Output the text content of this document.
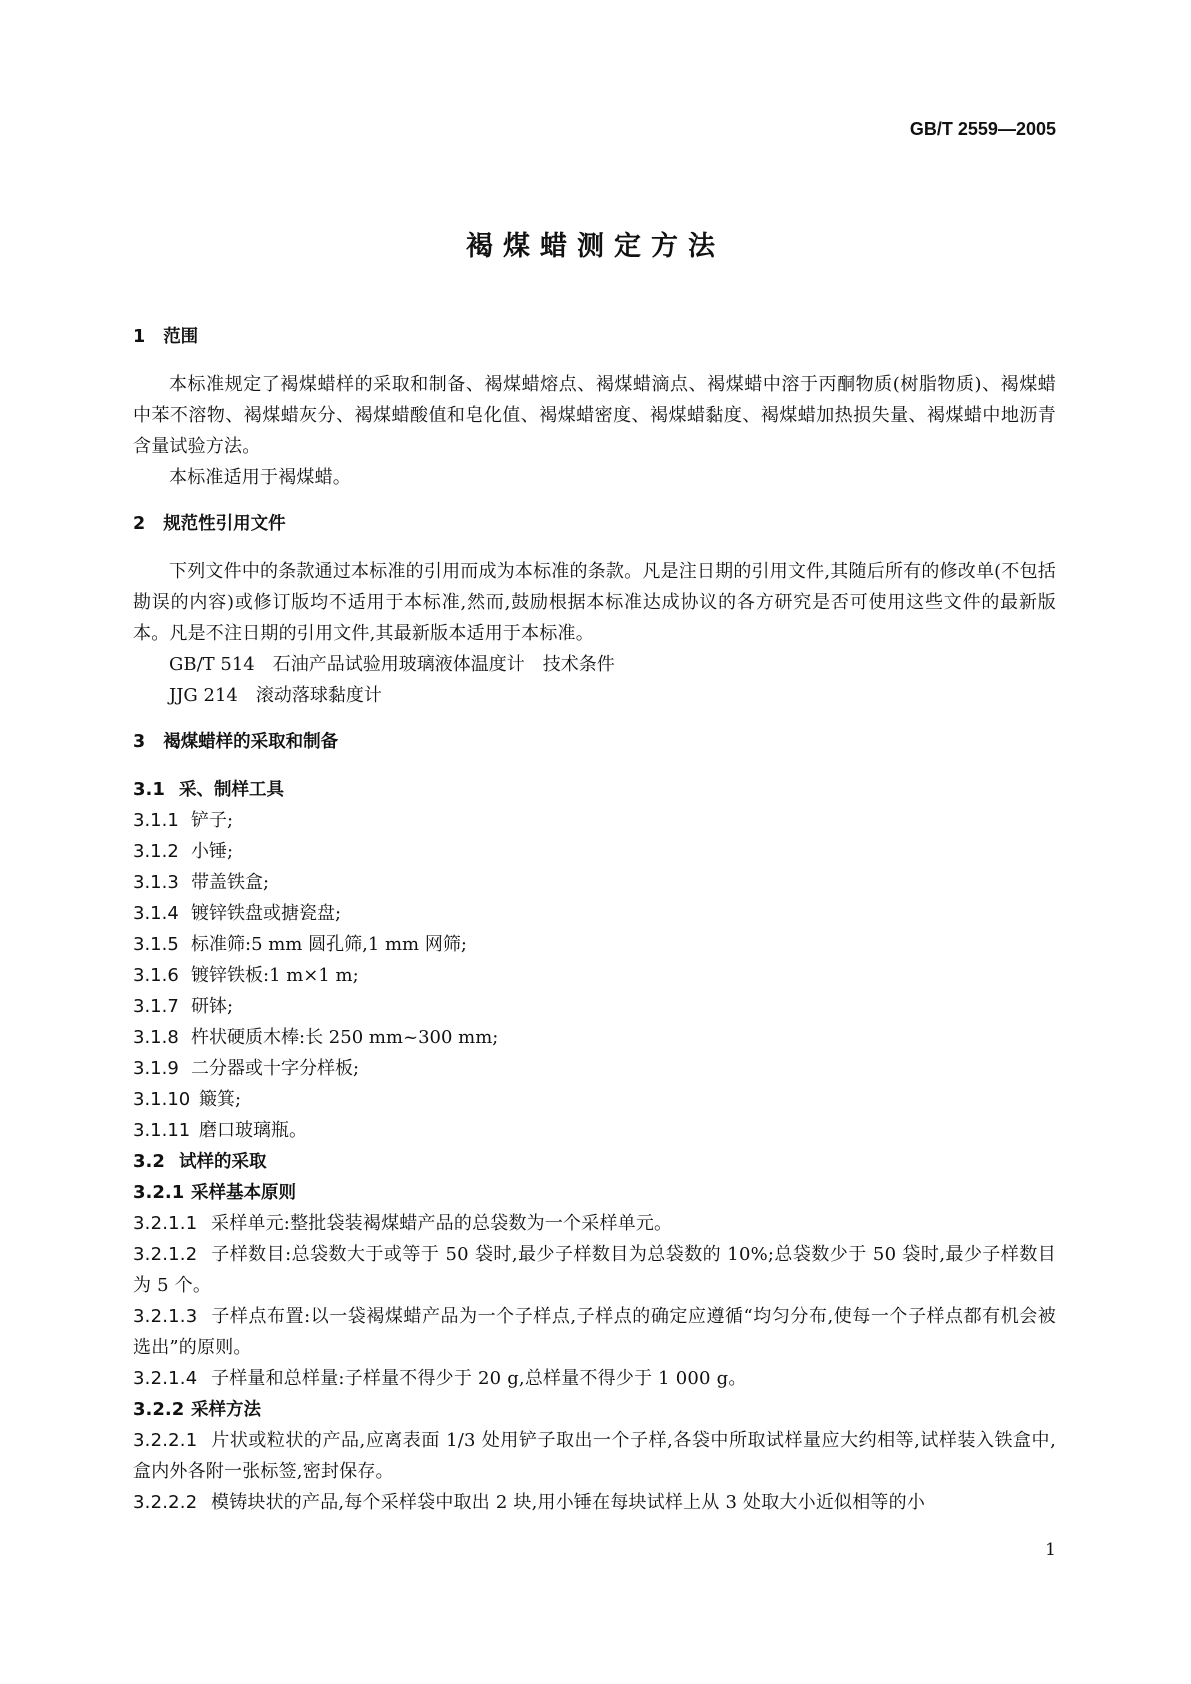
GB/T 2559—2005
褐煤蜡测定方法
1 范围

本标准规定了褐煤蜡样的采取和制备、褐煤蜡熔点、褐煤蜡滴点、褐煤蜡中溶于丙酮物质(树脂物质)、褐煤蜡中苯不溶物、褐煤蜡灰分、褐煤蜡酸值和皂化值、褐煤蜡密度、褐煤蜡黏度、褐煤蜡加热损失量、褐煤蜡中地沥青含量试验方法。

本标准适用于褐煤蜡。

2 规范性引用文件

下列文件中的条款通过本标准的引用而成为本标准的条款。凡是注日期的引用文件,其随后所有的修改单(不包括勘误的内容)或修订版均不适用于本标准,然而,鼓励根据本标准达成协议的各方研究是否可使用这些文件的最新版本。凡是不注日期的引用文件,其最新版本适用于本标准。

GB/T 514 石油产品试验用玻璃液体温度计　技术条件
JJG 214 滚动落球黏度计
3 褐煤蜡样的采取和制备
3.1 采、制样工具
3.1.1 铲子;
3.1.2 小锤;
3.1.3 带盖铁盒;
3.1.4 镀锌铁盘或搪瓷盘;
3.1.5 标准筛:5 mm 圆孔筛,1 mm 网筛;
3.1.6 镀锌铁板:1 m×1 m;
3.1.7 研钵;
3.1.8 杵状硬质木棒:长 250 mm~300 mm;
3.1.9 二分器或十字分样板;
3.1.10 簸箕;
3.1.11 磨口玻璃瓶。
3.2 试样的采取
3.2.1 采样基本原则

3.2.1.1 采样单元:整批袋装褐煤蜡产品的总袋数为一个采样单元。

3.2.1.2 子样数目:总袋数大于或等于 50 袋时,最少子样数目为总袋数的 10%;总袋数少于 50 袋时,最少子样数目为 5 个。

3.2.1.3 子样点布置:以一袋褐煤蜡产品为一个子样点,子样点的确定应遵循“均匀分布,使每一个子样点都有机会被选出”的原则。

3.2.1.4 子样量和总样量:子样量不得少于 20 g,总样量不得少于 1 000 g。

3.2.2 采样方法

3.2.2.1 片状或粒状的产品,应离表面 1/3 处用铲子取出一个子样,各袋中所取试样量应大约相等,试样装入铁盒中,盒内外各附一张标签,密封保存。

3.2.2.2 模铸块状的产品,每个采样袋中取出 2 块,用小锤在每块试样上从 3 处取大小近似相等的小

1
